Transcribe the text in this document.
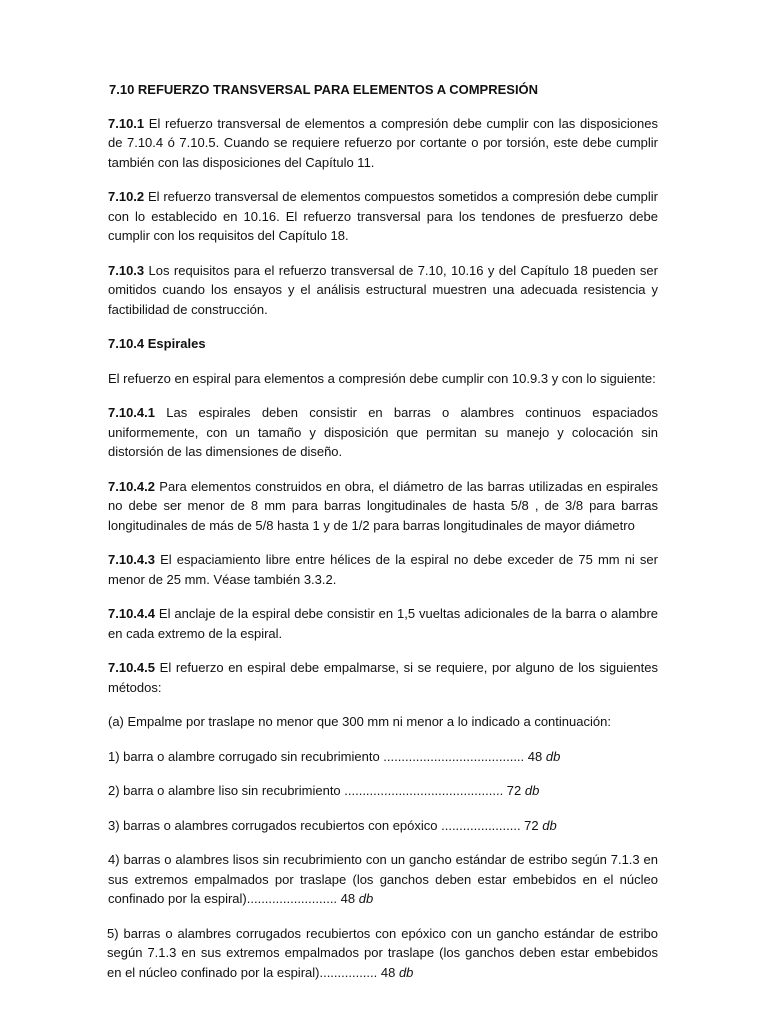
7.10 REFUERZO TRANSVERSAL PARA ELEMENTOS A COMPRESIÓN

7.10.1 El refuerzo transversal de elementos a compresión debe cumplir con las disposiciones de 7.10.4 ó 7.10.5. Cuando se requiere refuerzo por cortante o por torsión, este debe cumplir también con las disposiciones del Capítulo 11.

7.10.2 El refuerzo transversal de elementos compuestos sometidos a compresión debe cumplir con lo establecido en 10.16. El refuerzo transversal para los tendones de presfuerzo debe cumplir con los requisitos del Capítulo 18.

7.10.3 Los requisitos para el refuerzo transversal de 7.10, 10.16 y del Capítulo 18 pueden ser omitidos cuando los ensayos y el análisis estructural muestren una adecuada resistencia y factibilidad de construcción.

7.10.4 Espirales

El refuerzo en espiral para elementos a compresión debe cumplir con 10.9.3 y con lo siguiente:

7.10.4.1 Las espirales deben consistir en barras o alambres continuos espaciados uniformemente, con un tamaño y disposición que permitan su manejo y colocación sin distorsión de las dimensiones de diseño.

7.10.4.2 Para elementos construidos en obra, el diámetro de las barras utilizadas en espirales no debe ser menor de 8 mm para barras longitudinales de hasta 5/8 , de 3/8 para barras longitudinales de más de 5/8 hasta 1 y de 1/2 para barras longitudinales de mayor diámetro

7.10.4.3 El espaciamiento libre entre hélices de la espiral no debe exceder de 75 mm ni ser menor de 25 mm. Véase también 3.3.2.

7.10.4.4 El anclaje de la espiral debe consistir en 1,5 vueltas adicionales de la barra o alambre en cada extremo de la espiral.

7.10.4.5 El refuerzo en espiral debe empalmarse, si se requiere, por alguno de los siguientes métodos:

(a) Empalme por traslape no menor que 300 mm ni menor a lo indicado a continuación:

1) barra o alambre corrugado sin recubrimiento ....................................... 48 db

2) barra o alambre liso sin recubrimiento ............................................ 72 db

3) barras o alambres corrugados recubiertos con epóxico ...................... 72 db

4) barras o alambres lisos sin recubrimiento con un gancho estándar de estribo según 7.1.3 en sus extremos empalmados por traslape (los ganchos deben estar embebidos en el núcleo confinado por la espiral)......................... 48 db

5) barras o alambres corrugados recubiertos con epóxico con un gancho estándar de estribo según 7.1.3 en sus extremos empalmados por traslape (los ganchos deben estar embebidos en el núcleo confinado por la espiral)................ 48 db
